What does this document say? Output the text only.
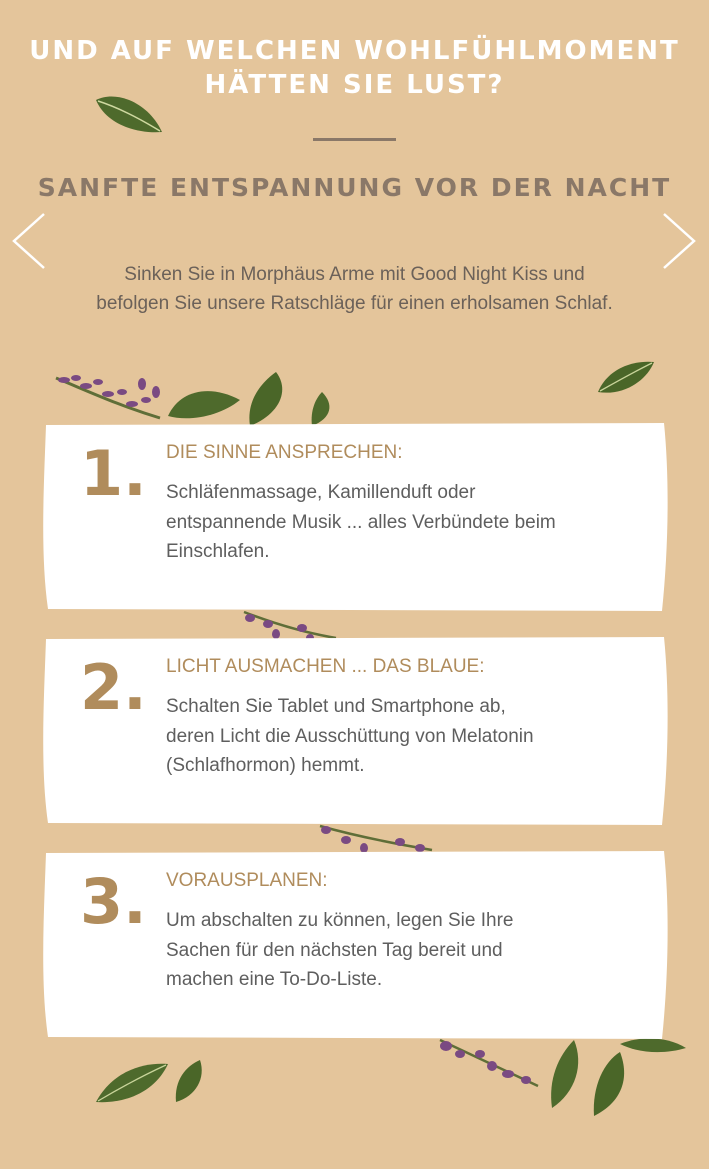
UND AUF WELCHEN WOHLFÜHLMOMENT
HÄTTEN SIE LUST?
SANFTE ENTSPANNUNG VOR DER NACHT
Sinken Sie in Morphäus Arme mit Good Night Kiss und
befolgen Sie unsere Ratschläge für einen erholsamen Schlaf.
1. DIE SINNE ANSPRECHEN:
Schläfenmassage, Kamillenduft oder
entspannende Musik ... alles Verbündete beim
Einschlafen.
2. LICHT AUSMACHEN ... DAS BLAUE:
Schalten Sie Tablet und Smartphone ab,
deren Licht die Ausschüttung von Melatonin
(Schlafhormon) hemmt.
3. VORAUSPLANEN:
Um abschalten zu können, legen Sie Ihre
Sachen für den nächsten Tag bereit und
machen eine To-Do-Liste.
